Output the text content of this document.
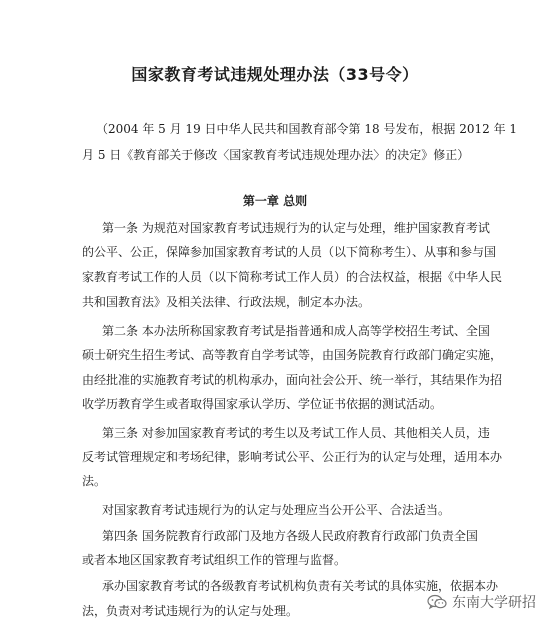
国家教育考试违规处理办法（33号令）
（2004 年 5 月 19 日中华人民共和国教育部令第 18 号发布，根据 2012 年 1
月 5 日《教育部关于修改〈国家教育考试违规处理办法〉的决定》修正）
第一章 总则
第一条 为规范对国家教育考试违规行为的认定与处理，维护国家教育考试
的公平、公正，保障参加国家教育考试的人员（以下简称考生）、从事和参与国
家教育考试工作的人员（以下简称考试工作人员）的合法权益，根据《中华人民
共和国教育法》及相关法律、行政法规，制定本办法。
第二条 本办法所称国家教育考试是指普通和成人高等学校招生考试、全国
硕士研究生招生考试、高等教育自学考试等，由国务院教育行政部门确定实施，
由经批准的实施教育考试的机构承办，面向社会公开、统一举行，其结果作为招
收学历教育学生或者取得国家承认学历、学位证书依据的测试活动。
第三条 对参加国家教育考试的考生以及考试工作人员、其他相关人员，违
反考试管理规定和考场纪律，影响考试公平、公正行为的认定与处理，适用本办
法。
对国家教育考试违规行为的认定与处理应当公开公平、合法适当。
第四条 国务院教育行政部门及地方各级人民政府教育行政部门负责全国
或者本地区国家教育考试组织工作的管理与监督。
承办国家教育考试的各级教育考试机构负责有关考试的具体实施，依据本办
法，负责对考试违规行为的认定与处理。	东南大学研招
